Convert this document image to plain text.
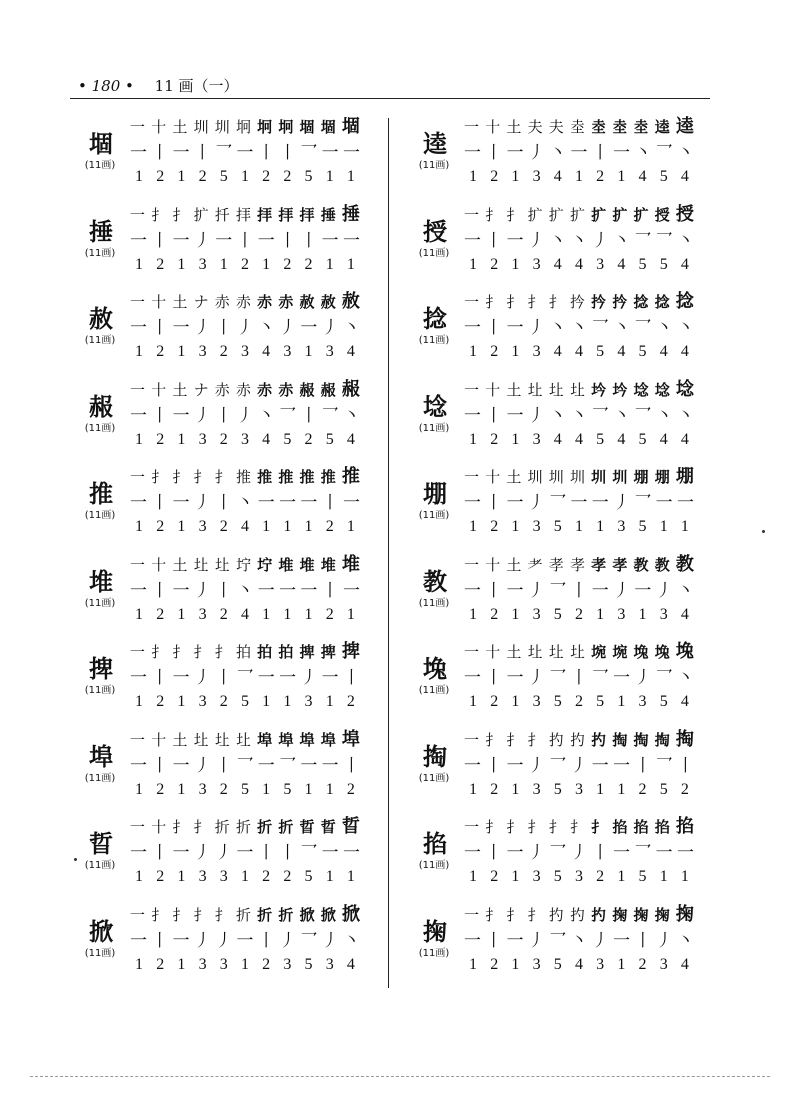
• 180 • 11 画（一）
堌
(11画)
一 十 土 圳 圳 坰 坰 坰 堌 堌 堌
一 丨 一 丨 乛 一 丨 丨 乛 一 一
1 2 1 2 5 1 2 2 5 1 1
捶
(11画)
一 扌 扌 扩 扦 拝 拝 拝 拝 捶 捶
一 丨 一 丿 一 丨 一 丨 丨 一 一
1 2 1 3 1 2 1 2 2 1 1
赦
(11画)
一 十 土 ナ 赤 赤 赤 赤 赦 赦 赦
一 丨 一 丿 丨 丿 丶 丿 一 丿 丶
1 2 1 3 2 3 4 3 1 3 4
赧
(11画)
一 十 土 ナ 赤 赤 赤 赤 赧 赧 赧
一 丨 一 丿 丨 丿 丶 乛 丨 乛 丶
1 2 1 3 2 3 4 5 2 5 4
推
(11画)
一 扌 扌 扌 扌 推 推 推 推 推 推
一 丨 一 丿 丨 丶 一 一 一 丨 一
1 2 1 3 2 4 1 1 1 2 1
堆
(11画)
一 十 土 圵 圵 坾 坾 堆 堆 堆 堆
一 丨 一 丿 丨 丶 一 一 一 丨 一
1 2 1 3 2 4 1 1 1 2 1
捭
(11画)
一 扌 扌 扌 扌 拍 拍 拍 捭 捭 捭
一 丨 一 丿 丨 乛 一 一 丿 一 丨
1 2 1 3 2 5 1 1 3 1 2
埠
(11画)
一 十 土 圵 圵 圵 埠 埠 埠 埠 埠
一 丨 一 丿 丨 乛 一 乛 一 一 丨
1 2 1 3 2 5 1 5 1 1 2
晢
(11画)
一 十 扌 扌 折 折 折 折 晢 晢 晢
一 丨 一 丿 丿 一 丨 丨 乛 一 一
1 2 1 3 3 1 2 2 5 1 1
掀
(11画)
一 扌 扌 扌 扌 折 折 折 掀 掀 掀
一 丨 一 丿 丿 一 丨 丿 乛 丿 丶
1 2 1 3 3 1 2 3 5 3 4
逵
(11画)
一 十 土 夫 夫 坴 坴 坴 坴 逵 逵
一 丨 一 丿 丶 一 丨 一 丶 乛 丶
1 2 1 3 4 1 2 1 4 5 4
授
(11画)
一 扌 扌 扩 扩 扩 扩 扩 扩 授 授
一 丨 一 丿 丶 丶 丿 丶 乛 乛 丶
1 2 1 3 4 4 3 4 5 5 4
捻
(11画)
一 扌 扌 扌 扌 扲 扲 扲 捻 捻 捻
一 丨 一 丿 丶 丶 乛 丶 乛 丶 丶
1 2 1 3 4 4 5 4 5 4 4
埝
(11画)
一 十 土 圵 圵 圵 坅 坅 埝 埝 埝
一 丨 一 丿 丶 丶 乛 丶 乛 丶 丶
1 2 1 3 4 4 5 4 5 4 4
堋
(11画)
一 十 土 圳 圳 圳 圳 圳 堋 堋 堋
一 丨 一 丿 乛 一 一 丿 乛 一 一
1 2 1 3 5 1 1 3 5 1 1
教
(11画)
一 十 土 耂 孝 孝 孝 孝 教 教 教
一 丨 一 丿 乛 丨 一 丿 一 丿 丶
1 2 1 3 5 2 1 3 1 3 4
堍
(11画)
一 十 土 圵 圵 圵 埦 埦 堍 堍 堍
一 丨 一 丿 乛 丨 乛 一 丿 乛 丶
1 2 1 3 5 2 5 1 3 5 4
掏
(11画)
一 扌 扌 扌 扚 扚 扚 掏 掏 掏 掏
一 丨 一 丿 乛 丿 一 一 丨 乛 丨
1 2 1 3 5 3 1 1 2 5 2
掐
(11画)
一 扌 扌 扌 扌 扌 扌 掐 掐 掐 掐
一 丨 一 丿 乛 丿 丨 一 乛 一 一
1 2 1 3 5 3 2 1 5 1 1
掬
(11画)
一 扌 扌 扌 扚 扚 扚 掬 掬 掬 掬
一 丨 一 丿 乛 丶 丿 一 丨 丿 丶
1 2 1 3 5 4 3 1 2 3 4
